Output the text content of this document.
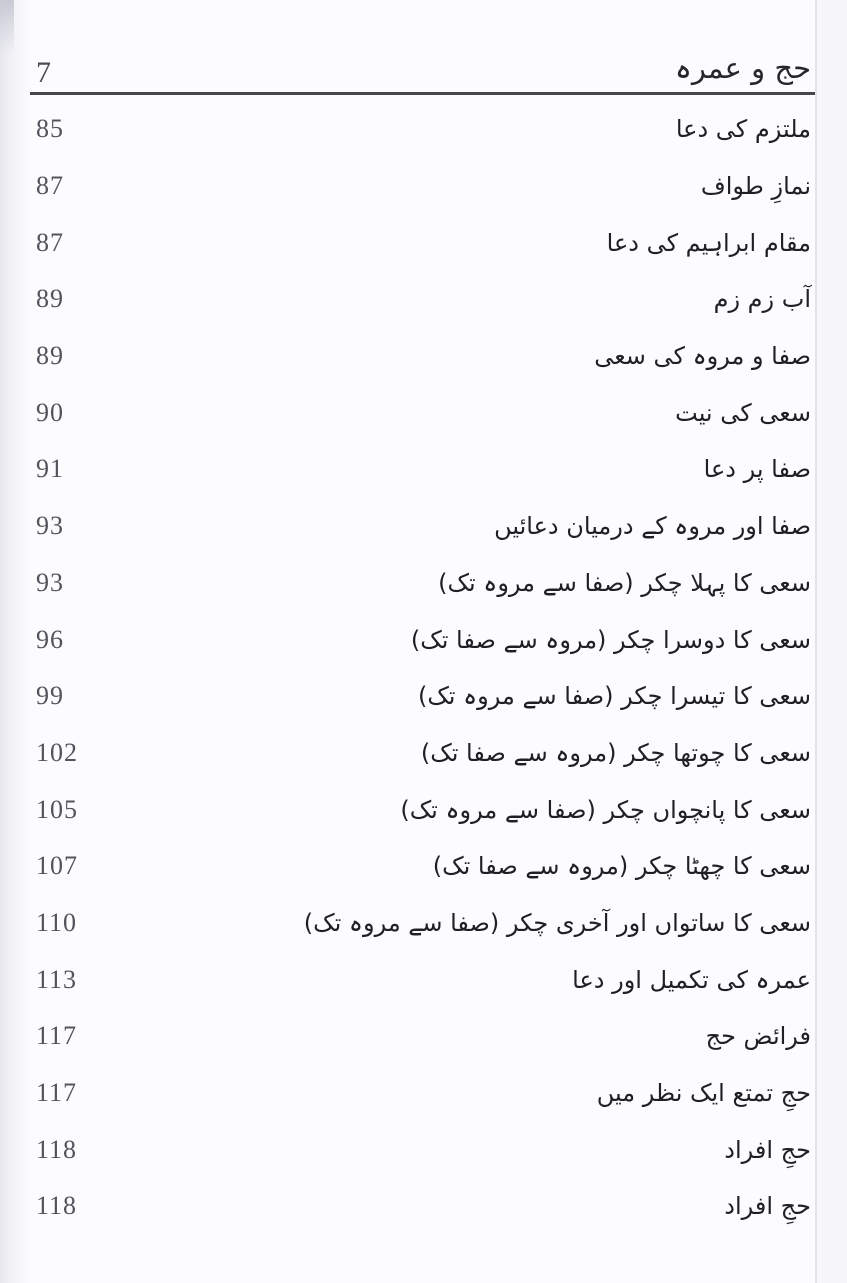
7	حج و عمرہ
85	ملتزم کی دعا
87	نمازِ طواف
87	مقام ابراہیم کی دعا
89	آب زم زم
89	صفا و مروہ کی سعی
90	سعی کی نیت
91	صفا پر دعا
93	صفا اور مروہ کے درمیان دعائیں
93	سعی کا پہلا چکر (صفا سے مروہ تک)
96	سعی کا دوسرا چکر (مروہ سے صفا تک)
99	سعی کا تیسرا چکر (صفا سے مروہ تک)
102	سعی کا چوتھا چکر (مروہ سے صفا تک)
105	سعی کا پانچواں چکر (صفا سے مروہ تک)
107	سعی کا چھٹا چکر (مروہ سے صفا تک)
110	سعی کا ساتواں اور آخری چکر (صفا سے مروہ تک)
113	عمرہ کی تکمیل اور دعا
117	فرائض حج
117	حجِ تمتع ایک نظر میں
118	حجِ افراد
118	حجِ افراد
